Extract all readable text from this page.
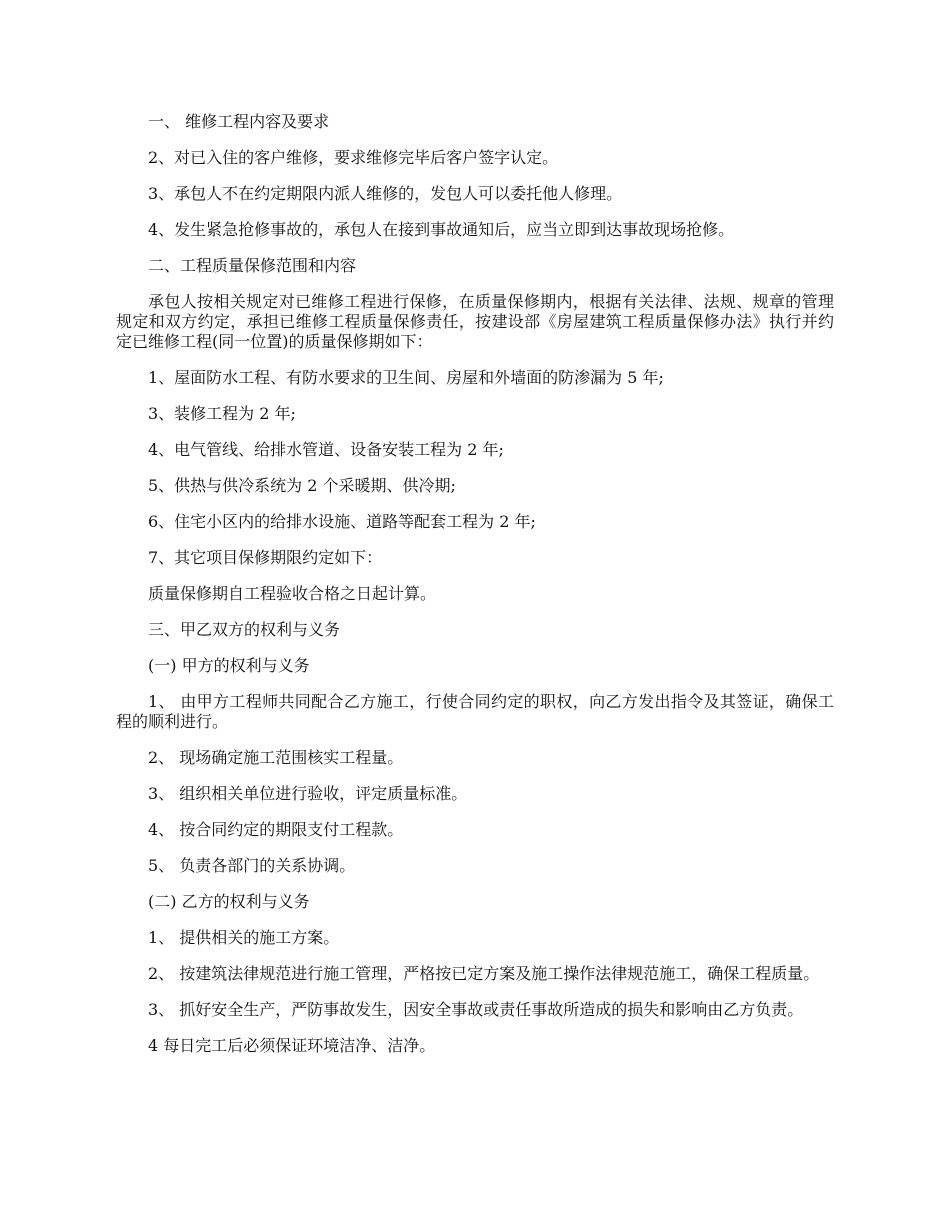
一、 维修工程内容及要求

2、对已入住的客户维修，要求维修完毕后客户签字认定。

3、承包人不在约定期限内派人维修的，发包人可以委托他人修理。

4、发生紧急抢修事故的，承包人在接到事故通知后，应当立即到达事故现场抢修。

二、工程质量保修范围和内容

承包人按相关规定对已维修工程进行保修，在质量保修期内，根据有关法律、法规、规章的管理规定和双方约定，承担已维修工程质量保修责任，按建设部《房屋建筑工程质量保修办法》执行并约定已维修工程(同一位置)的质量保修期如下：

1、屋面防水工程、有防水要求的卫生间、房屋和外墙面的防渗漏为 5 年;

3、装修工程为 2 年;

4、电气管线、给排水管道、设备安装工程为 2 年;

5、供热与供冷系统为 2 个采暖期、供冷期;

6、住宅小区内的给排水设施、道路等配套工程为 2 年;

7、其它项目保修期限约定如下：

质量保修期自工程验收合格之日起计算。

三、甲乙双方的权利与义务

(一) 甲方的权利与义务

1、 由甲方工程师共同配合乙方施工，行使合同约定的职权，向乙方发出指令及其签证，确保工程的顺利进行。

2、 现场确定施工范围核实工程量。

3、 组织相关单位进行验收，评定质量标准。

4、 按合同约定的期限支付工程款。

5、 负责各部门的关系协调。

(二) 乙方的权利与义务

1、 提供相关的施工方案。

2、 按建筑法律规范进行施工管理，严格按已定方案及施工操作法律规范施工，确保工程质量。

3、 抓好安全生产，严防事故发生，因安全事故或责任事故所造成的损失和影响由乙方负责。

4 每日完工后必须保证环境洁净、洁净。
